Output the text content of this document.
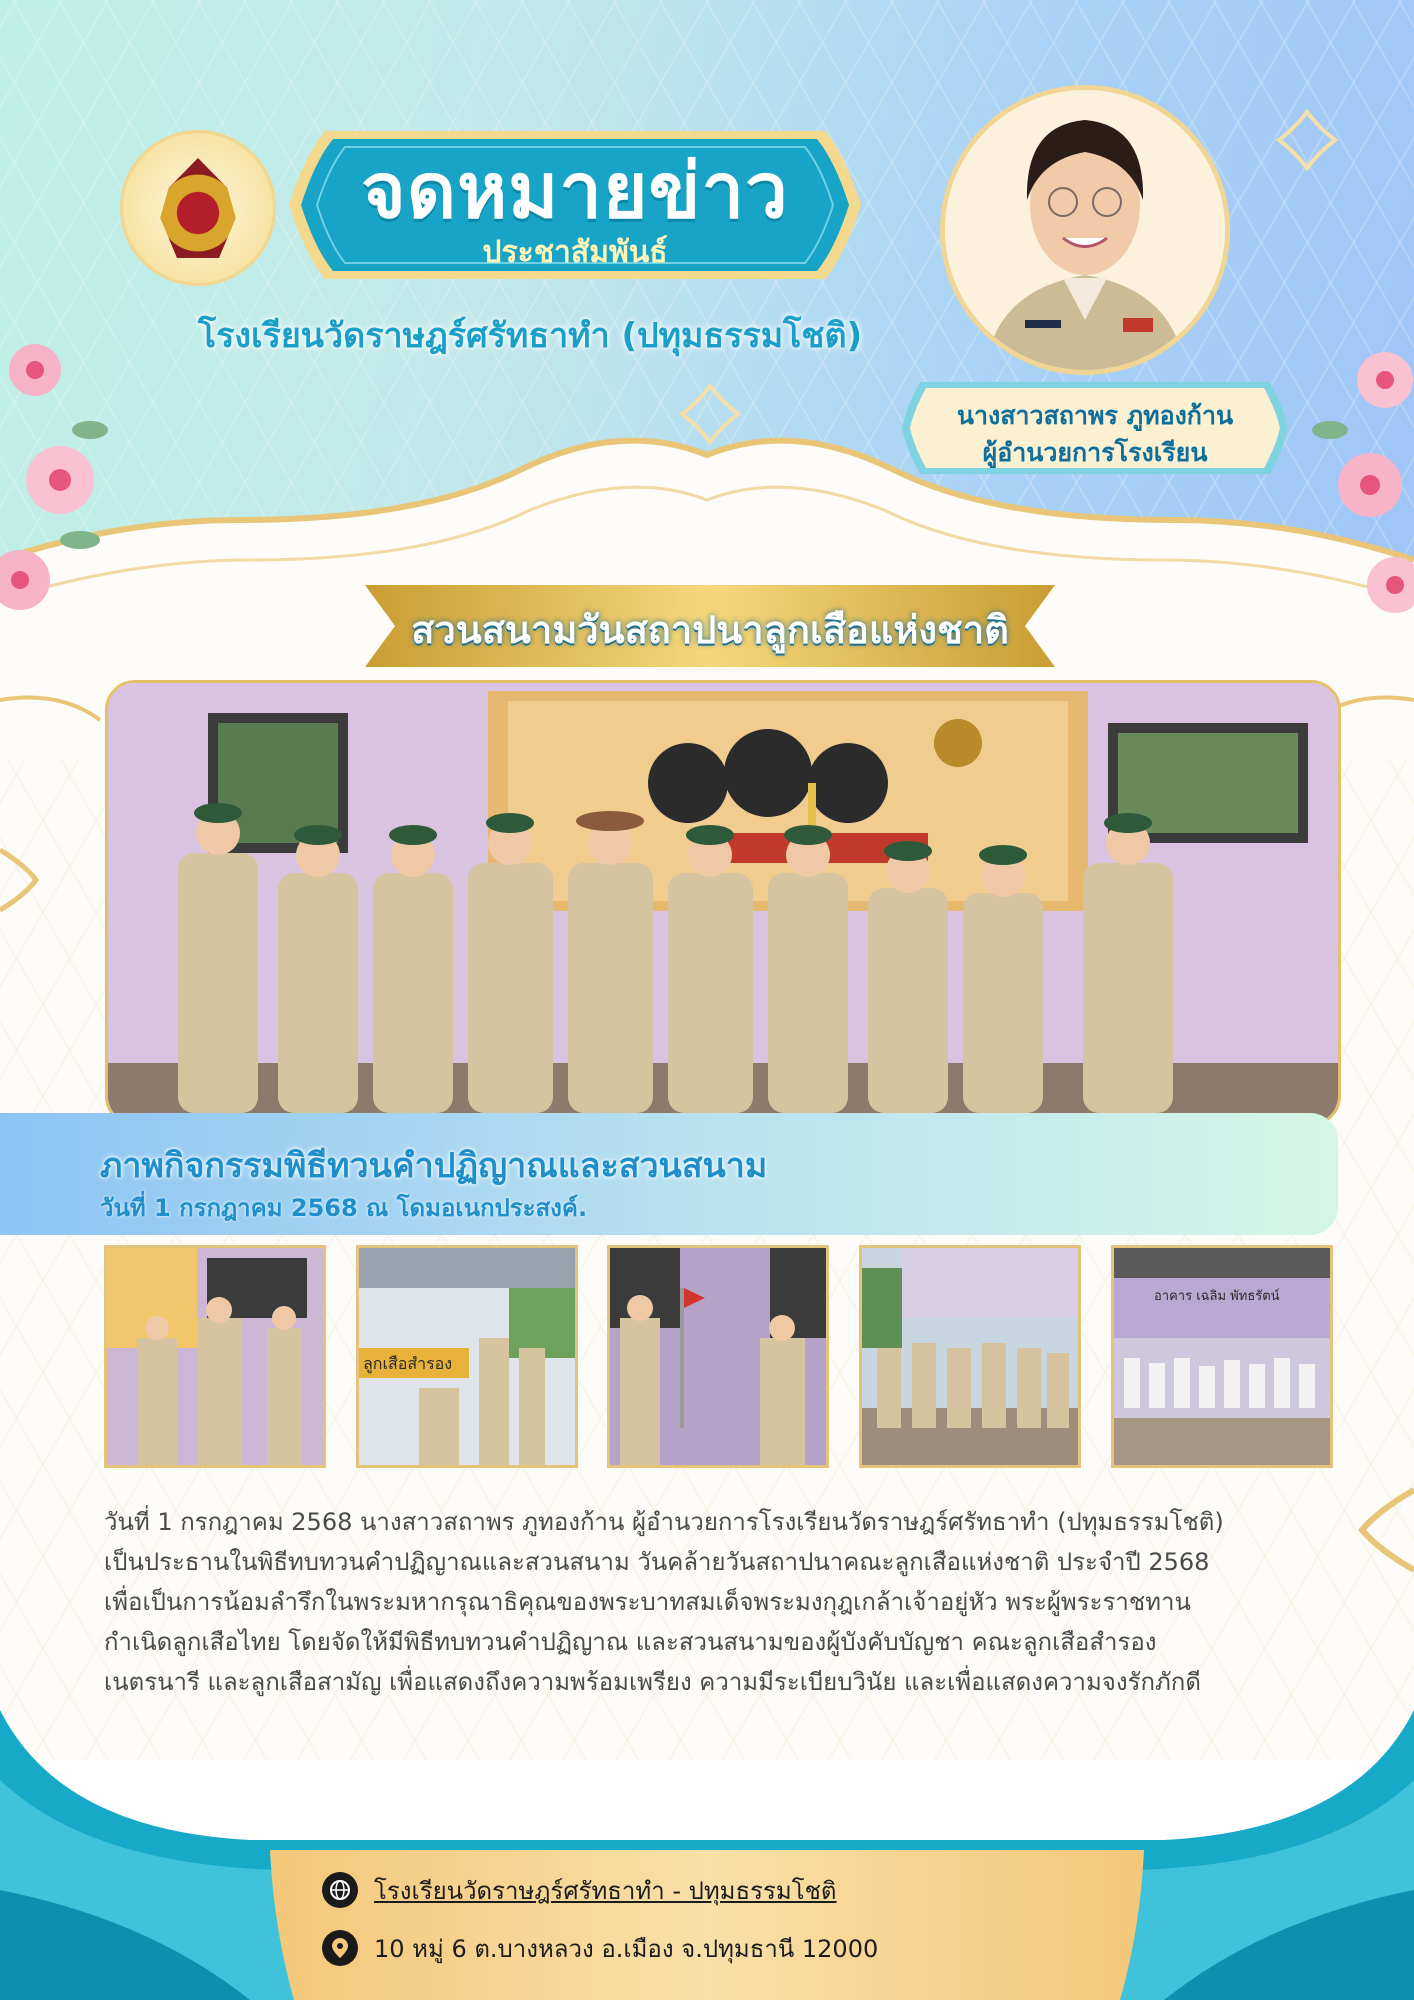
จดหมายข่าว
ประชาสัมพันธ์
โรงเรียนวัดราษฎร์ศรัทธาทำ (ปทุมธรรมโชติ)
นางสาวสถาพร ภูทองก้าน
ผู้อำนวยการโรงเรียน
สวนสนามวันสถาปนาลูกเสือแห่งชาติ
ภาพกิจกรรมพิธีทวนคำปฏิญาณและสวนสนาม
วันที่ 1 กรกฎาคม 2568 ณ โดมอเนกประสงค์.
ลูกเสือสำรอง
อาคาร เฉลิม พัทธรัตน์

วันที่ 1 กรกฎาคม 2568 นางสาวสถาพร ภูทองก้าน ผู้อำนวยการโรงเรียนวัดราษฎร์ศรัทธาทำ (ปทุมธรรมโชติ)

เป็นประธานในพิธีทบทวนคำปฏิญาณและสวนสนาม วันคล้ายวันสถาปนาคณะลูกเสือแห่งชาติ ประจำปี 2568

เพื่อเป็นการน้อมลำรึกในพระมหากรุณาธิคุณของพระบาทสมเด็จพระมงกุฎเกล้าเจ้าอยู่หัว พระผู้พระราชทาน

กำเนิดลูกเสือไทย โดยจัดให้มีพิธีทบทวนคำปฏิญาณ และสวนสนามของผู้บังคับบัญชา คณะลูกเสือสำรอง

เนตรนารี และลูกเสือสามัญ เพื่อแสดงถึงความพร้อมเพรียง ความมีระเบียบวินัย และเพื่อแสดงความจงรักภักดี

โรงเรียนวัดราษฎร์ศรัทธาทำ - ปทุมธรรมโชติ
10 หมู่ 6 ต.บางหลวง อ.เมือง จ.ปทุมธานี 12000
